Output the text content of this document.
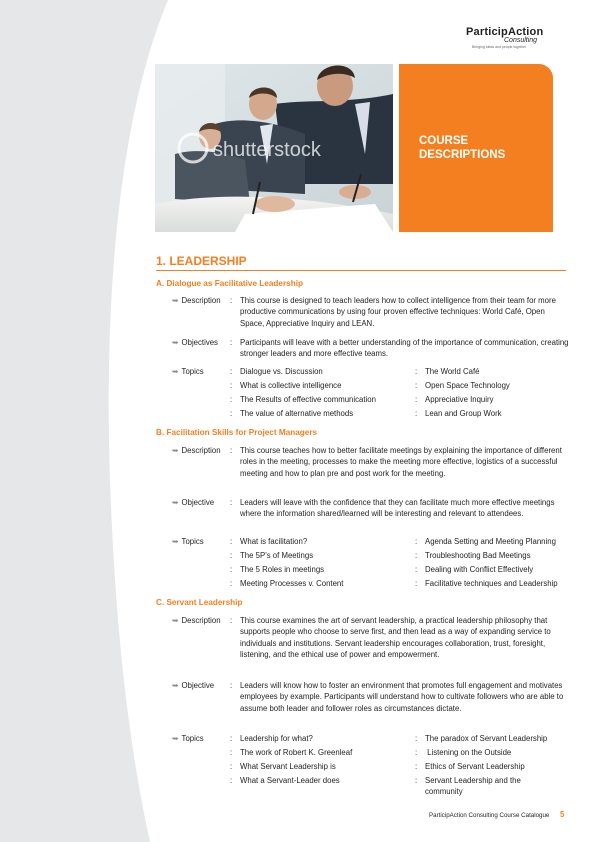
ParticipAction
Consulting
Bringing ideas and people together
shutterstock	COURSE
DESCRIPTIONS
1. LEADERSHIP
A. Dialogue as Facilitative Leadership
➥ Description : This course is designed to teach leaders how to collect intelligence from their team for more productive communications by using four proven effective techniques: World Café, Open Space, Appreciative Inquiry and LEAN.
➥ Objectives : Participants will leave with a better understanding of the importance of communication, creating stronger leaders and more effective teams.
➥ Topics	: Dialogue vs. Discussion	: The World Café
: What is collective intelligence	: Open Space Technology
: The Results of effective communication	: Appreciative Inquiry
: The value of alternative methods	: Lean and Group Work
B. Facilitation Skills for Project Managers
➥ Description : This course teaches how to better facilitate meetings by explaining the importance of different roles in the meeting, processes to make the meeting more effective, logistics of a successful meeting and how to plan pre and post work for the meeting.
➥ Objective : Leaders will leave with the confidence that they can facilitate much more effective meetings where the information shared/learned will be interesting and relevant to attendees.
➥ Topics	: What is facilitation?	: Agenda Setting and Meeting Planning
: The 5P’s of Meetings	: Troubleshooting Bad Meetings
: The 5 Roles in meetings	: Dealing with Conflict Effectively
: Meeting Processes v. Content	: Facilitative techniques and Leadership
C. Servant Leadership
➥ Description : This course examines the art of servant leadership, a practical leadership philosophy that supports people who choose to serve first, and then lead as a way of expanding service to individuals and institutions. Servant leadership encourages collaboration, trust, foresight, listening, and the ethical use of power and empowerment.
➥ Objective : Leaders will know how to foster an environment that promotes full engagement and motivates employees by example. Participants will understand how to cultivate followers who are able to assume both leader and follower roles as circumstances dictate.
➥ Topics	: Leadership for what?	: The paradox of Servant Leadership
: The work of Robert K. Greenleaf	: Listening on the Outside
: What Servant Leadership is	: Ethics of Servant Leadership
: What a Servant-Leader does	: Servant Leadership and the community
ParticipAction Consulting Course Catalogue 5
